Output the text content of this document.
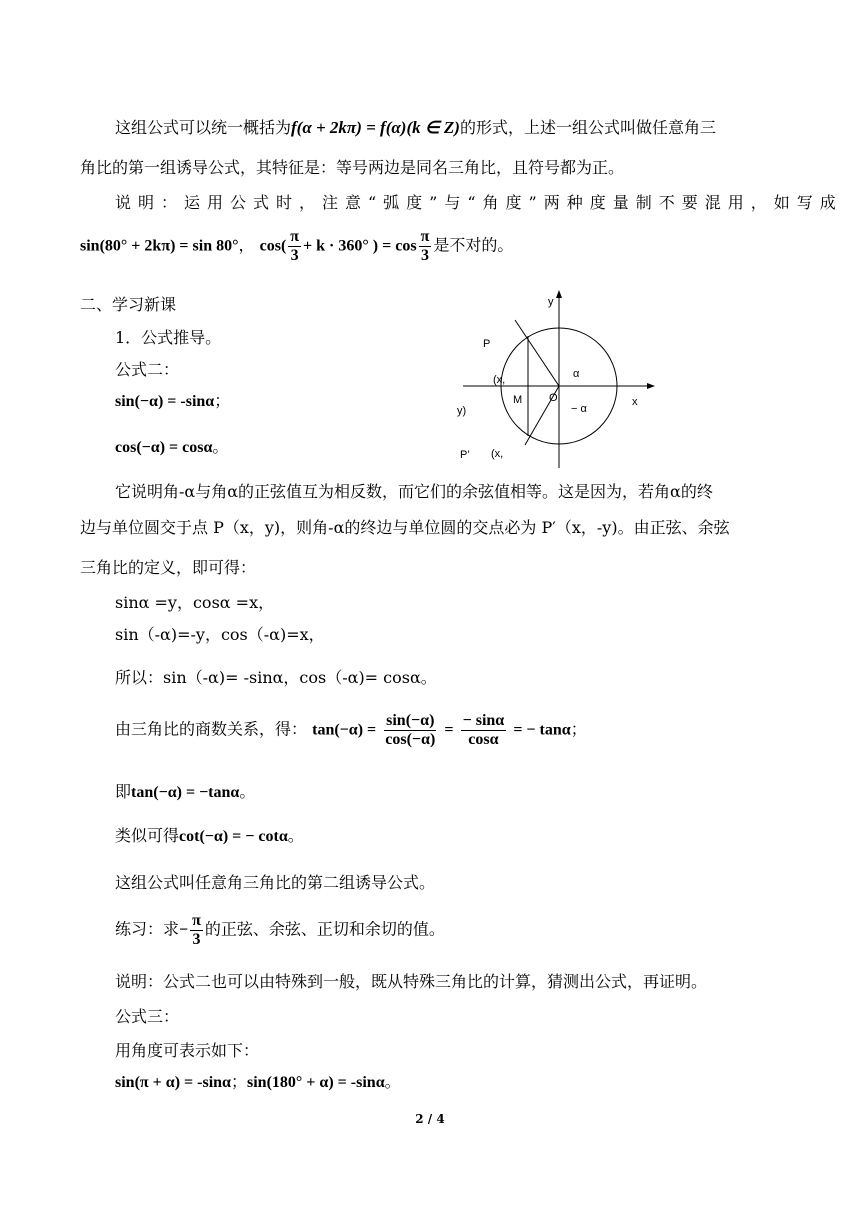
这组公式可以统一概括为f(α + 2kπ) = f(α)(k ∈ Z)的形式，上述一组公式叫做任意角三
角比的第一组诱导公式，其特征是：等号两边是同名三角比，且符号都为正。
说明：运用公式时，注意“弧度”与“角度”两种度量制不要混用，如写成
sin(80° + 2kπ) = sin 80°， $\cos( \frac{\pi}{3} + k \cdot 360^\circ$ ) = $\cos \frac{\pi}{3}$ 是不对的。
二、学习新课
1．公式推导。
公式二：
sin(−α) = -sinα；
cos(−α) = cosα。
y
P
(x,
M O
α
− α
x
y)
P’ (x,
它说明角-α与角α的正弦值互为相反数，而它们的余弦值相等。这是因为，若角α的终
边与单位圆交于点 P（x，y)，则角-α的终边与单位圆的交点必为 P′（x，-y)。由正弦、余弦
三角比的定义，即可得：
sinα =y，cosα =x，
sin（-α)=-y，cos（-α)=x，
所以：sin（-α)= -sinα，cos（-α)= cosα。
由三角比的商数关系，得： $\tan(-\alpha) = \frac{\sin(-\alpha)}{\cos(-\alpha)} = \frac{- \sin\alpha}{\cos\alpha}$ = − tanα；
即tan(−α) = −tanα。
类似可得cot(−α) = − cotα。
这组公式叫任意角三角比的第二组诱导公式。
练习：求− $\frac{\pi}{3}$ 的正弦、余弦、正切和余切的值。
说明：公式二也可以由特殊到一般，既从特殊三角比的计算，猜测出公式，再证明。
公式三：
用角度可表示如下：
sin(π + α) = -sinα；sin(180° + α) = -sinα。
2 / 4
